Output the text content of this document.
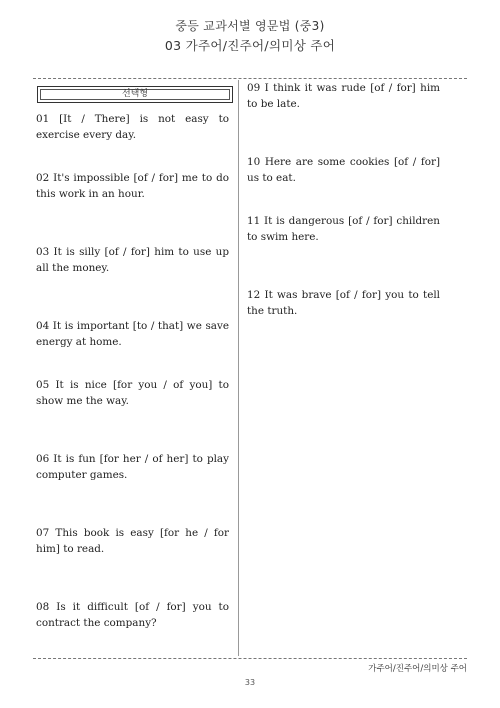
중등 교과서별 영문법 (중3)
03 가주어/진주어/의미상 주어
선택형
01 [It / There] is not easy to exercise every day.
02 It's impossible [of / for] me to do this work in an hour.
03 It is silly [of / for] him to use up all the money.
04 It is important [to / that] we save energy at home.
05 It is nice [for you / of you] to show me the way.
06 It is fun [for her / of her] to play computer games.
07 This book is easy [for he / for him] to read.
08 Is it difficult [of / for] you to contract the company?
09 I think it was rude [of / for] him to be late.
10 Here are some cookies [of / for] us to eat.
11 It is dangerous [of / for] children to swim here.
12 It was brave [of / for] you to tell the truth.
가주어/진주어/의미상 주어
33
